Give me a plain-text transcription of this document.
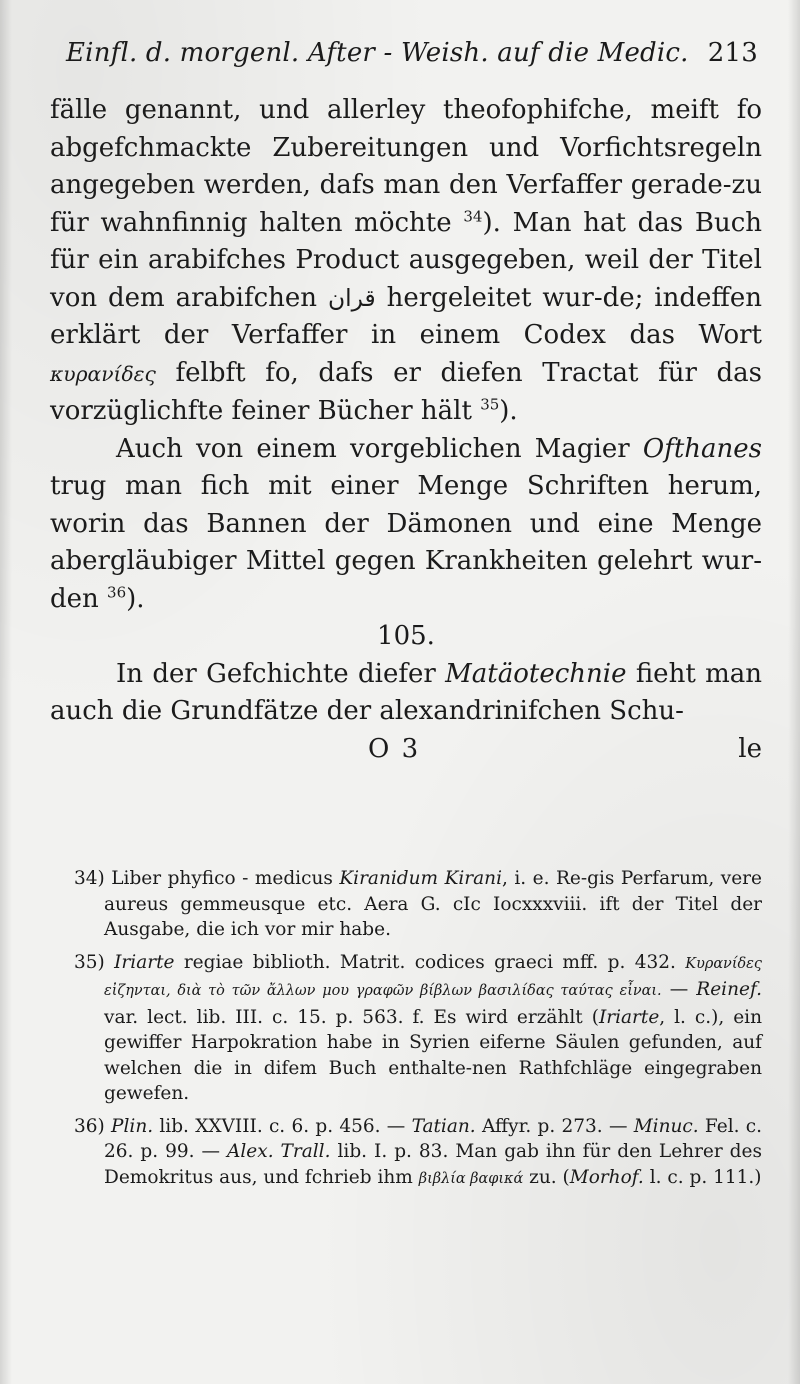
Einfl. d. morgenl. After - Weish. auf die Medic. 213

fälle genannt, und allerley theofophifche, meift fo abgefchmackte Zubereitungen und Vorfichtsregeln angegeben werden, dafs man den Verfaffer gerade-zu für wahnfinnig halten möchte $^{34}$). Man hat das Buch für ein arabifches Product ausgegeben, weil der Titel von dem arabifchen قران hergeleitet wur-de; indeffen erklärt der Verfaffer in einem Codex das Wort κυρανίδες felbft fo, dafs er diefen Tractat für das vorzüglichfte feiner Bücher hält $^{35}$).

Auch von einem vorgeblichen Magier Ofthanes trug man fich mit einer Menge Schriften herum, worin das Bannen der Dämonen und eine Menge abergläubiger Mittel gegen Krankheiten gelehrt wur-den $^{36}$).

105.

In der Gefchichte diefer Matäotechnie fieht man auch die Grundfätze der alexandrinifchen Schu-

O 3	le

34) Liber phyfico - medicus Kiranidum Kirani, i. e. Re-gis Perfarum, vere aureus gemmeusque etc. Aera G. cIc Iocxxxviii. ift der Titel der Ausgabe, die ich vor mir habe.

35) Iriarte regiae biblioth. Matrit. codices graeci mff. p. 432. Κυρανίδες εἰζηνται, διὰ τὸ τῶν ἄλλων μου γραφῶν βίβλων βασιλίδας ταύτας εἶναι. — Reinef. var. lect. lib. III. c. 15. p. 563. f. Es wird erzählt (Iriarte, l. c.), ein gewiffer Harpokration habe in Syrien eiferne Säulen gefunden, auf welchen die in difem Buch enthalte-nen Rathfchläge eingegraben gewefen.

36) Plin. lib. XXVIII. c. 6. p. 456. — Tatian. Affyr. p. 273. — Minuc. Fel. c. 26. p. 99. — Alex. Trall. lib. I. p. 83. Man gab ihn für den Lehrer des Demokritus aus, und fchrieb ihm βιβλία βαφικά zu. (Morhof. l. c. p. 111.)
